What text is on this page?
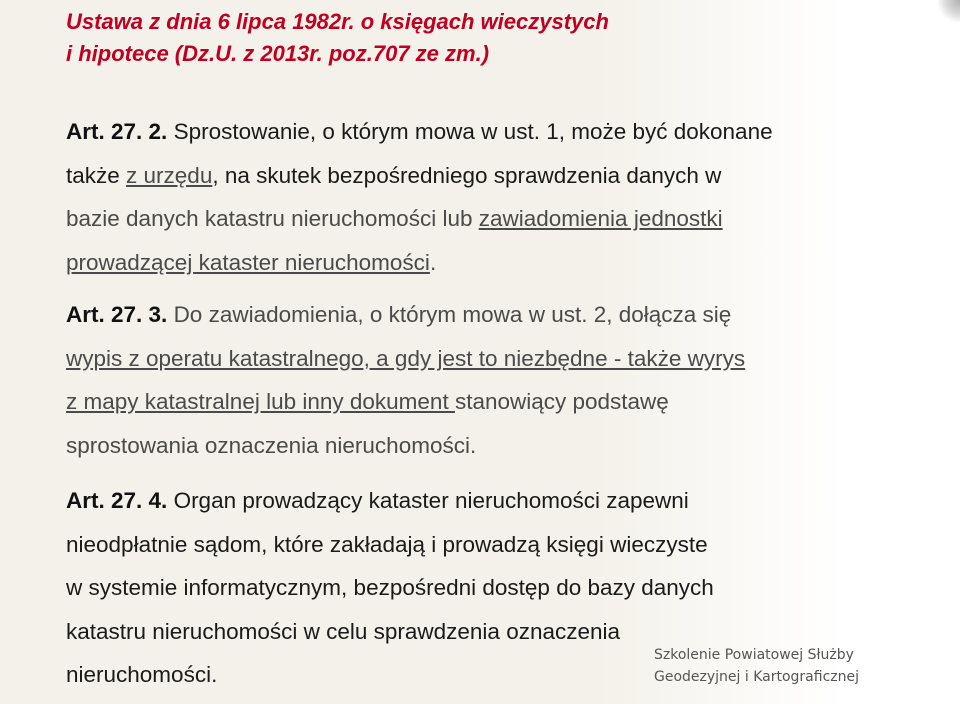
Ustawa z dnia 6 lipca 1982r. o księgach wieczystych
i hipotece (Dz.U. z 2013r. poz.707 ze zm.)

Art. 27. 2. Sprostowanie, o którym mowa w ust. 1, może być dokonane
także z urzędu, na skutek bezpośredniego sprawdzenia danych w
bazie danych katastru nieruchomości lub zawiadomienia jednostki
prowadzącej kataster nieruchomości.

Art. 27. 3. Do zawiadomienia, o którym mowa w ust. 2, dołącza się
wypis z operatu katastralnego, a gdy jest to niezbędne - także wyrys
z mapy katastralnej lub inny dokument stanowiący podstawę
sprostowania oznaczenia nieruchomości.

Art. 27. 4. Organ prowadzący kataster nieruchomości zapewni
nieodpłatnie sądom, które zakładają i prowadzą księgi wieczyste
w systemie informatycznym, bezpośredni dostęp do bazy danych
katastru nieruchomości w celu sprawdzenia oznaczenia
nieruchomości.

Szkolenie Powiatowej Służby
Geodezyjnej i Kartograficznej
